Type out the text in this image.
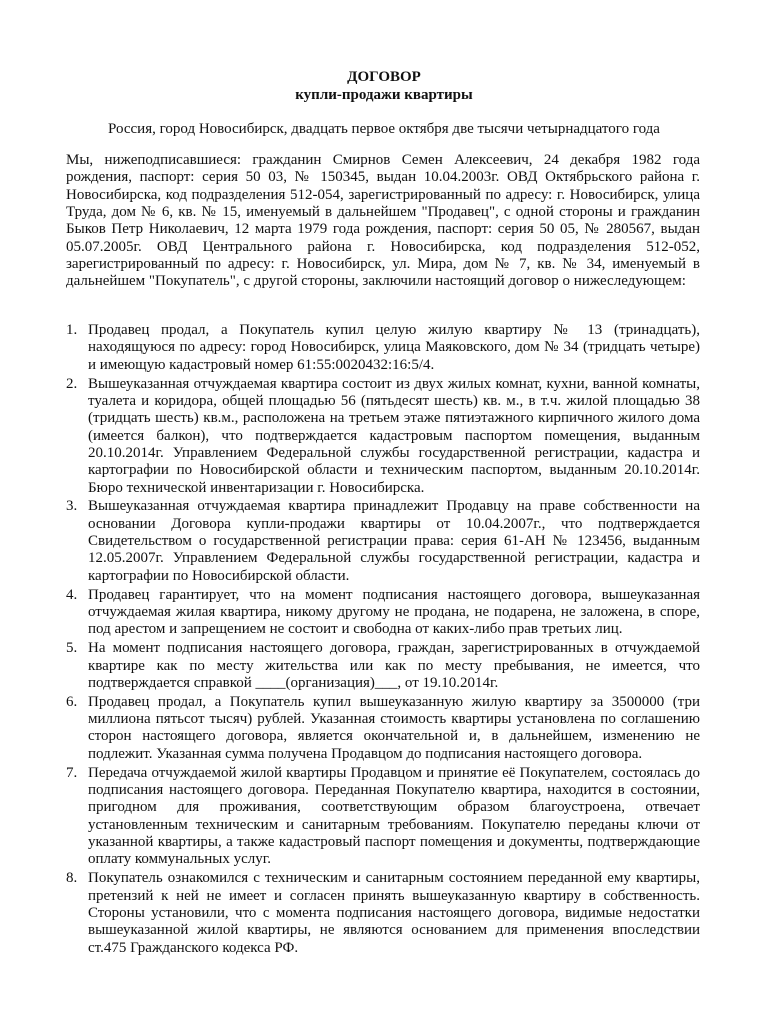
ДОГОВОР
купли-продажи квартиры
Россия, город Новосибирск, двадцать первое октября две тысячи четырнадцатого года

Мы, нижеподписавшиеся: гражданин Смирнов Семен Алексеевич, 24 декабря 1982 года рождения, паспорт: серия 50 03, № 150345, выдан 10.04.2003г. ОВД Октябрьского района г. Новосибирска, код подразделения 512-054, зарегистрированный по адресу: г. Новосибирск, улица Труда, дом № 6, кв. № 15, именуемый в дальнейшем "Продавец", с одной стороны и гражданин Быков Петр Николаевич, 12 марта 1979 года рождения, паспорт: серия 50 05, № 280567, выдан 05.07.2005г. ОВД Центрального района г. Новосибирска, код подразделения 512-052, зарегистрированный по адресу: г. Новосибирск, ул. Мира, дом № 7, кв. № 34, именуемый в дальнейшем "Покупатель", с другой стороны, заключили настоящий договор о нижеследующем:

1. Продавец продал, а Покупатель купил целую жилую квартиру № 13 (тринадцать), находящуюся по адресу: город Новосибирск, улица Маяковского, дом № 34 (тридцать четыре) и имеющую кадастровый номер 61:55:0020432:16:5/4.
2. Вышеуказанная отчуждаемая квартира состоит из двух жилых комнат, кухни, ванной комнаты, туалета и коридора, общей площадью 56 (пятьдесят шесть) кв. м., в т.ч. жилой площадью 38 (тридцать шесть) кв.м., расположена на третьем этаже пятиэтажного кирпичного жилого дома (имеется балкон), что подтверждается кадастровым паспортом помещения, выданным 20.10.2014г. Управлением Федеральной службы государственной регистрации, кадастра и картографии по Новосибирской области и техническим паспортом, выданным 20.10.2014г. Бюро технической инвентаризации г. Новосибирска.
3. Вышеуказанная отчуждаемая квартира принадлежит Продавцу на праве собственности на основании Договора купли-продажи квартиры от 10.04.2007г., что подтверждается Свидетельством о государственной регистрации права: серия 61-АН № 123456, выданным 12.05.2007г. Управлением Федеральной службы государственной регистрации, кадастра и картографии по Новосибирской области.
4. Продавец гарантирует, что на момент подписания настоящего договора, вышеуказанная отчуждаемая жилая квартира, никому другому не продана, не подарена, не заложена, в споре, под арестом и запрещением не состоит и свободна от каких-либо прав третьих лиц.
5. На момент подписания настоящего договора, граждан, зарегистрированных в отчуждаемой квартире как по месту жительства или как по месту пребывания, не имеется, что подтверждается справкой ____(организация)___, от 19.10.2014г.
6. Продавец продал, а Покупатель купил вышеуказанную жилую квартиру за 3500000 (три миллиона пятьсот тысяч) рублей. Указанная стоимость квартиры установлена по соглашению сторон настоящего договора, является окончательной и, в дальнейшем, изменению не подлежит. Указанная сумма получена Продавцом до подписания настоящего договора.
7. Передача отчуждаемой жилой квартиры Продавцом и принятие её Покупателем, состоялась до подписания настоящего договора. Переданная Покупателю квартира, находится в состоянии, пригодном для проживания, соответствующим образом благоустроена, отвечает установленным техническим и санитарным требованиям. Покупателю переданы ключи от указанной квартиры, а также кадастровый паспорт помещения и документы, подтверждающие оплату коммунальных услуг.
8. Покупатель ознакомился с техническим и санитарным состоянием переданной ему квартиры, претензий к ней не имеет и согласен принять вышеуказанную квартиру в собственность. Стороны установили, что с момента подписания настоящего договора, видимые недостатки вышеуказанной жилой квартиры, не являются основанием для применения впоследствии ст.475 Гражданского кодекса РФ.
